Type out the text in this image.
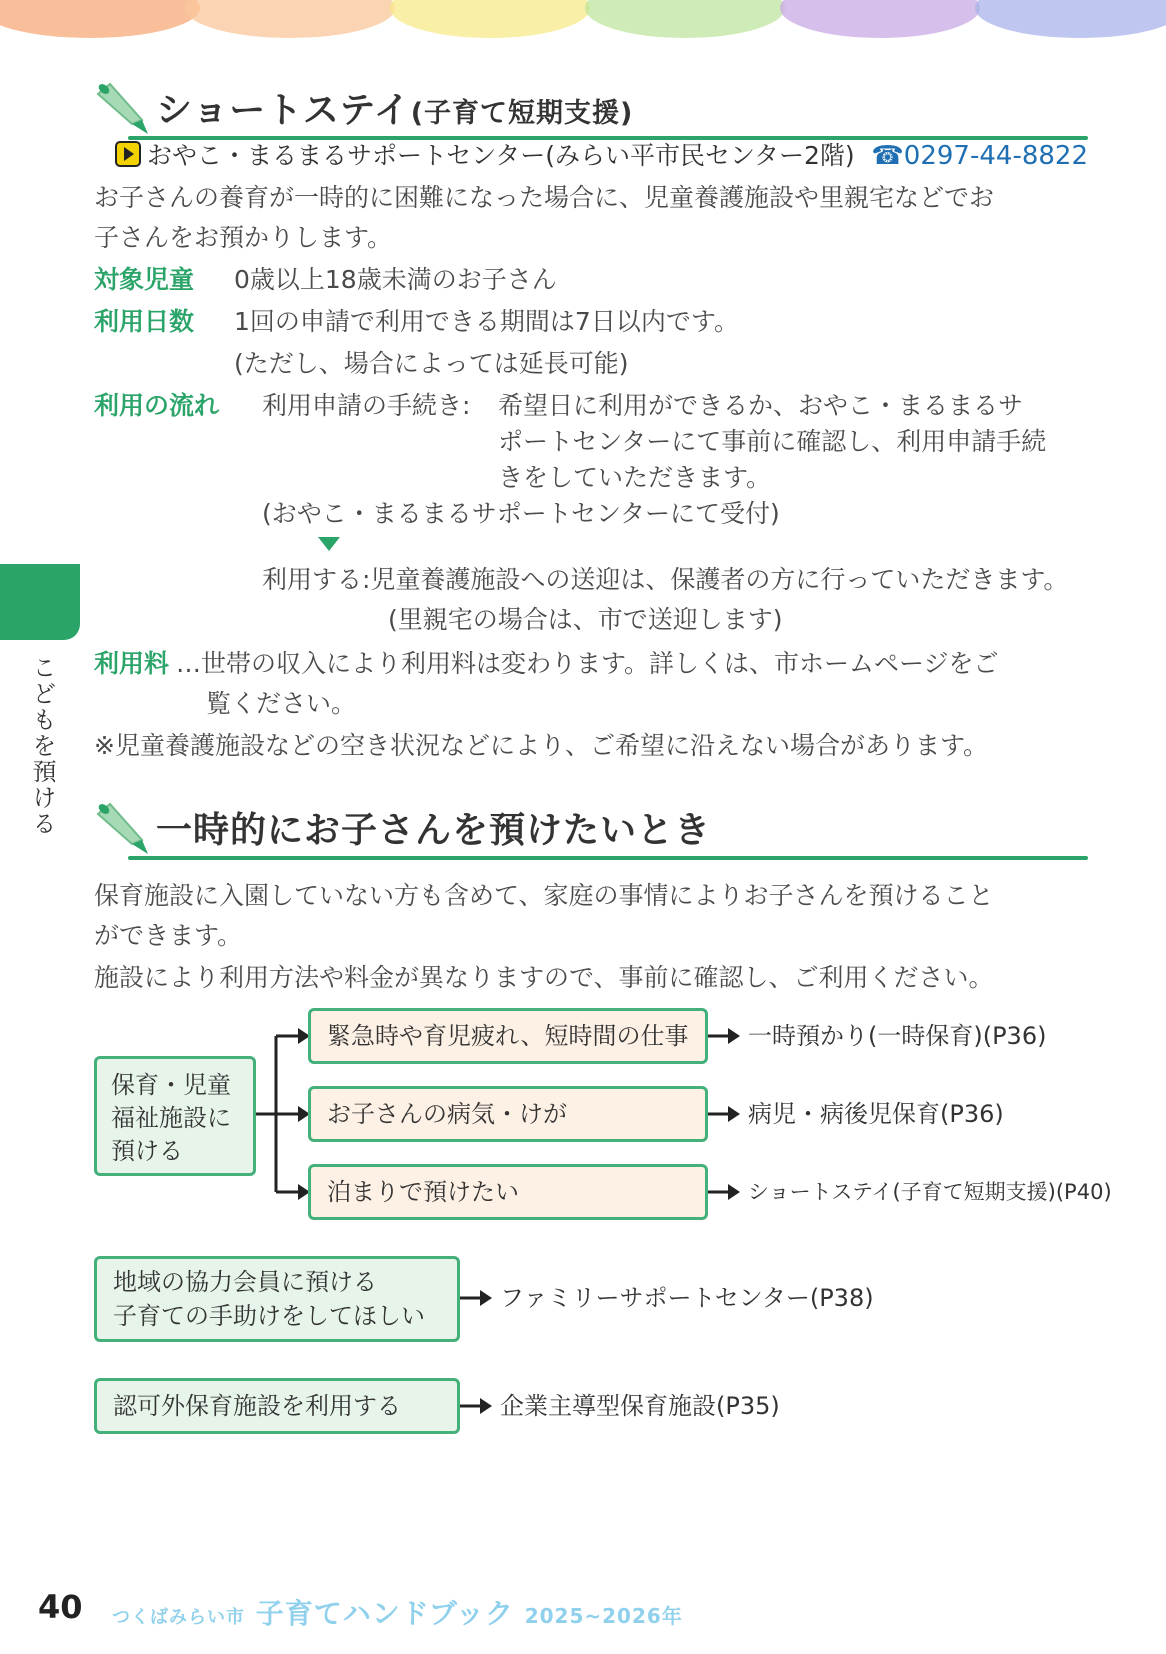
こどもを預ける
ショートステイ(子育て短期支援)
おやこ・まるまるサポートセンター(みらい平市民センター2階) ☎0297-44-8822
お子さんの養育が一時的に困難になった場合に、児童養護施設や里親宅などでお
子さんをお預かりします。
対象児童 0歳以上18歳未満のお子さん
利用日数 1回の申請で利用できる期間は7日以内です。
(ただし、場合によっては延長可能)
利用の流れ 利用申請の手続き: 希望日に利用ができるか、おやこ・まるまるサ
ポートセンターにて事前に確認し、利用申請手続
きをしていただきます。
(おやこ・まるまるサポートセンターにて受付)
利用する:児童養護施設への送迎は、保護者の方に行っていただきます。
(里親宅の場合は、市で送迎します)
利用料 …世帯の収入により利用料は変わります。詳しくは、市ホームページをご
覧ください。
※児童養護施設などの空き状況などにより、ご希望に沿えない場合があります。
一時的にお子さんを預けたいとき
保育施設に入園していない方も含めて、家庭の事情によりお子さんを預けること
ができます。
施設により利用方法や料金が異なりますので、事前に確認し、ご利用ください。
保育・児童
福祉施設に
預ける
緊急時や育児疲れ、短時間の仕事
お子さんの病気・けが
泊まりで預けたい
一時預かり(一時保育)(P36)
病児・病後児保育(P36)
ショートステイ(子育て短期支援)(P40)
地域の協力会員に預ける
子育ての手助けをしてほしい
ファミリーサポートセンター(P38)
認可外保育施設を利用する	企業主導型保育施設(P35)
40 つくばみらい市 子育てハンドブック 2025~2026年
